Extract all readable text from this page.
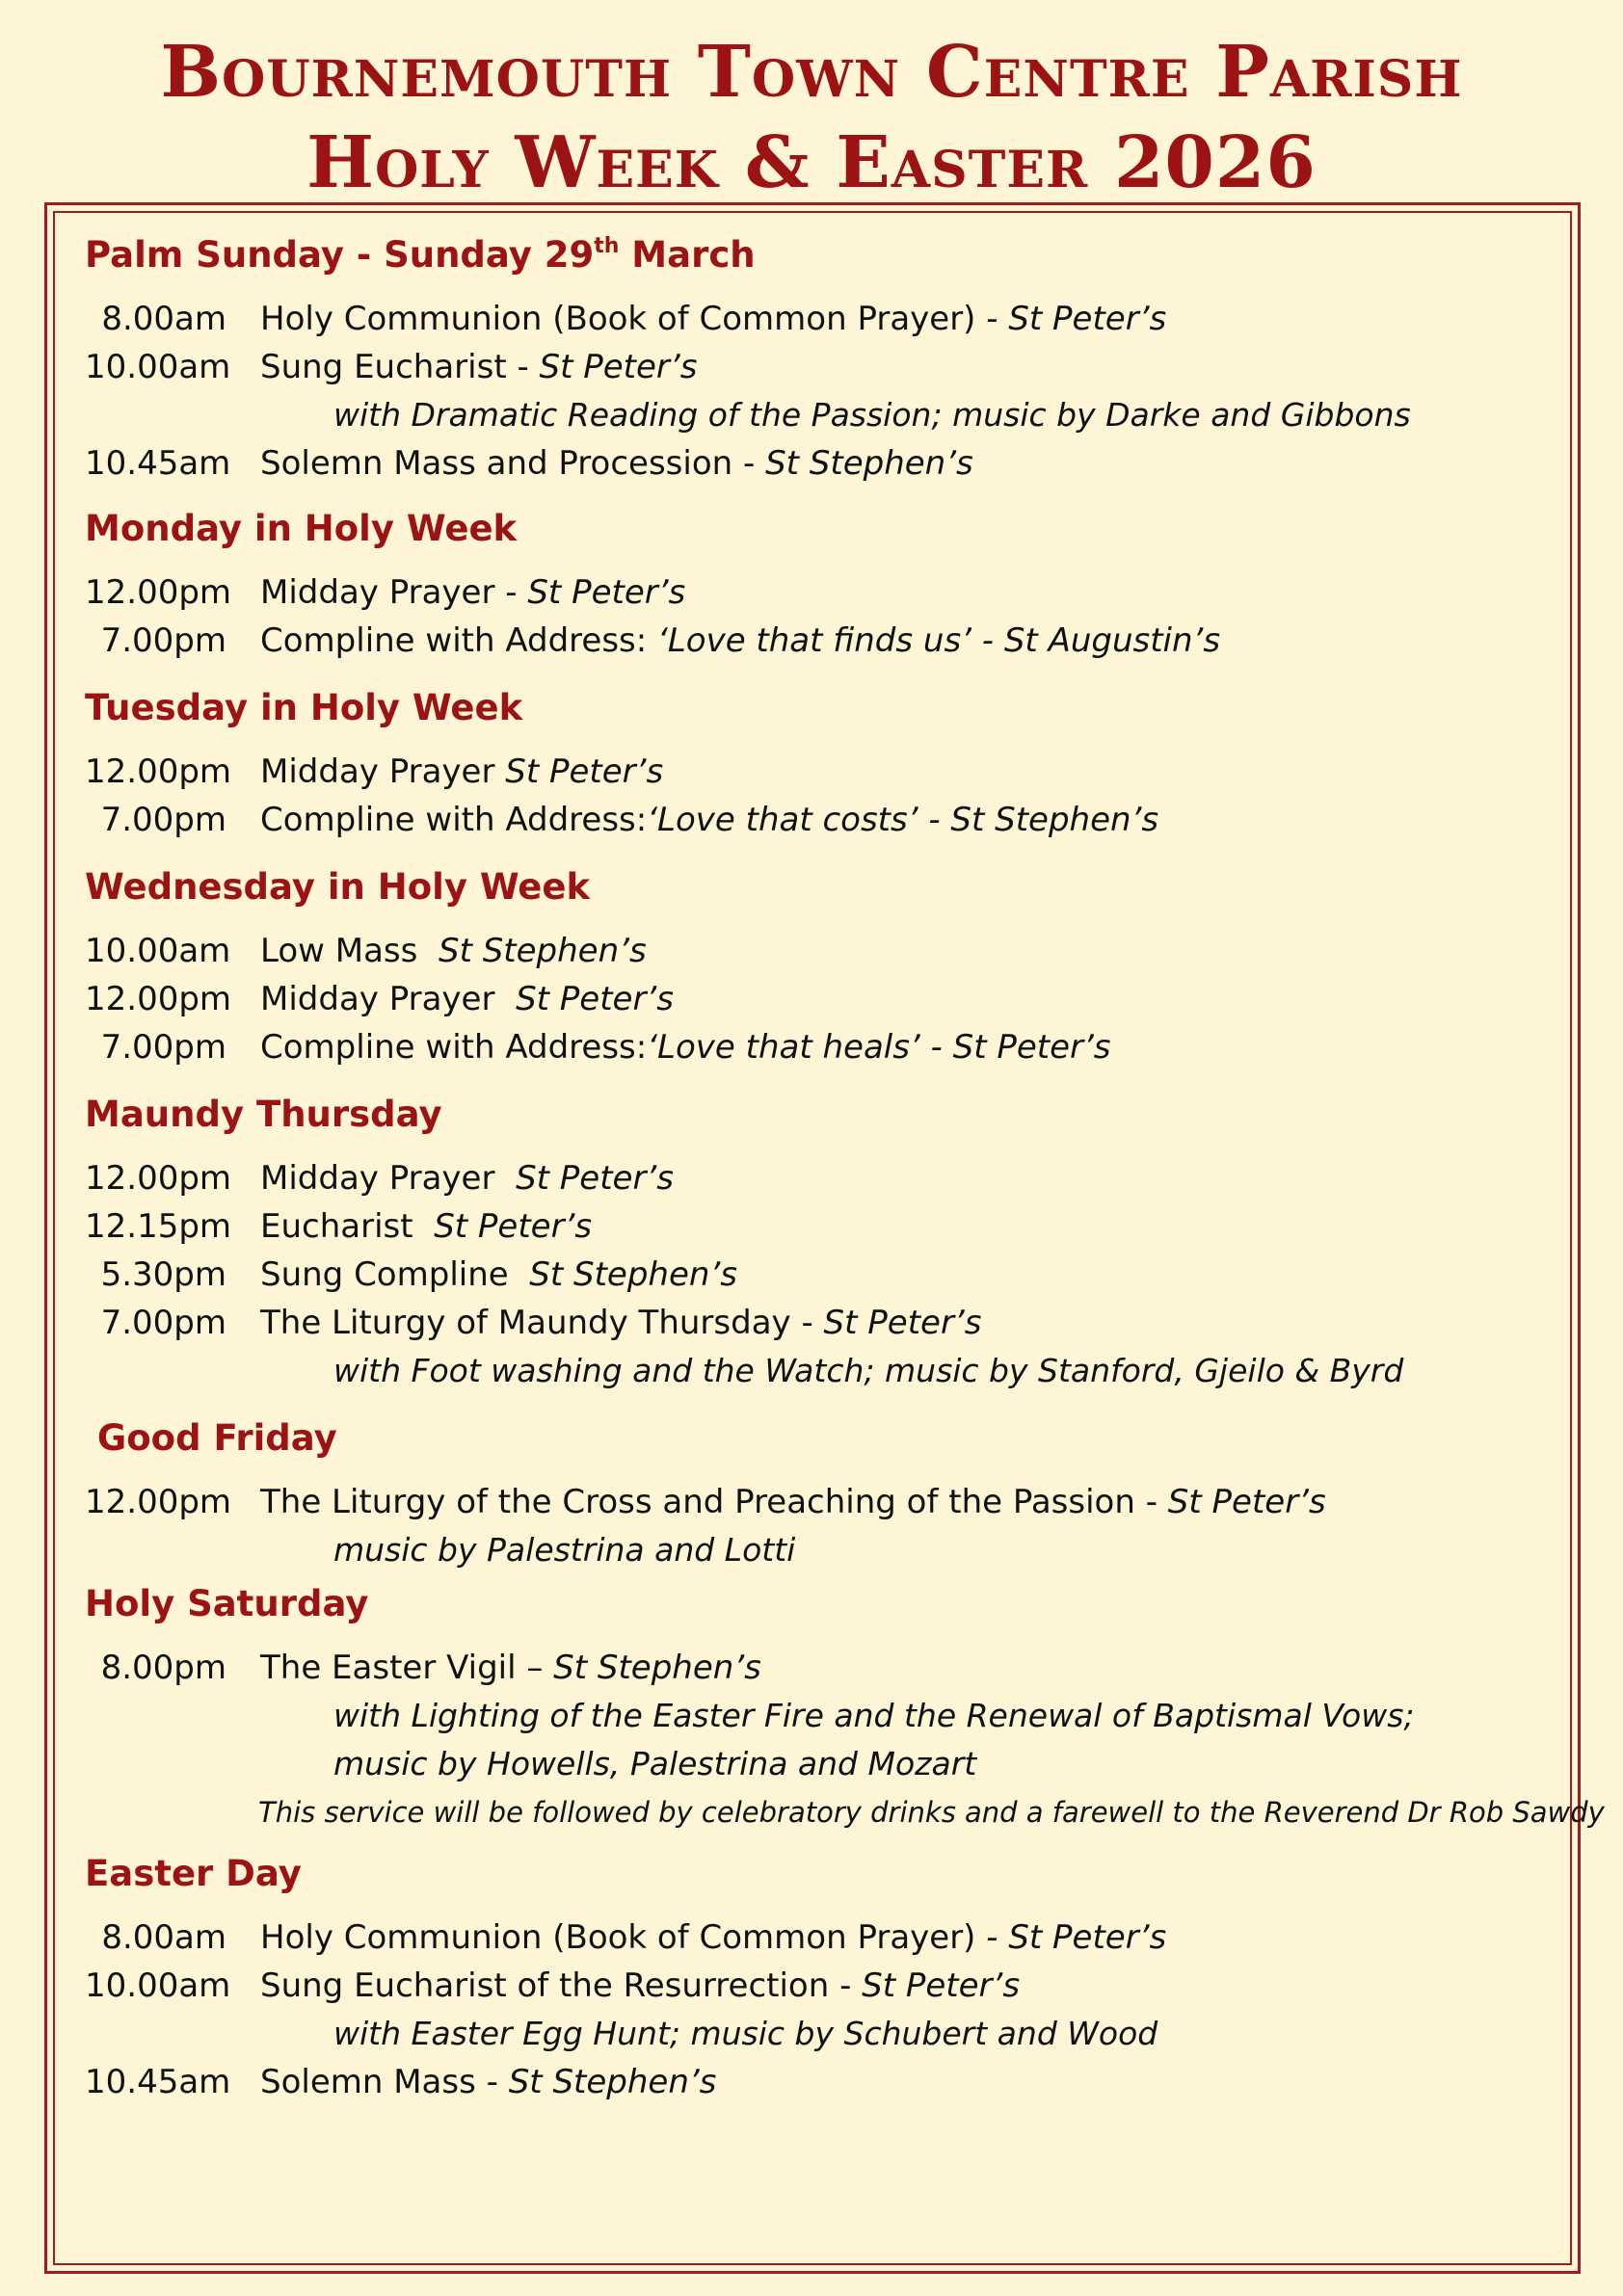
Bournemouth Town Centre Parish
Holy Week & Easter 2026
Palm Sunday - Sunday 29th March
8.00am Holy Communion (Book of Common Prayer) - St Peter’s
10.00am Sung Eucharist - St Peter’s
with Dramatic Reading of the Passion; music by Darke and Gibbons
10.45am Solemn Mass and Procession - St Stephen’s
Monday in Holy Week
12.00pm Midday Prayer - St Peter’s
7.00pm Compline with Address: ‘Love that finds us’ - St Augustin’s
Tuesday in Holy Week
12.00pm Midday Prayer St Peter’s
7.00pm Compline with Address:‘Love that costs’ - St Stephen’s
Wednesday in Holy Week
10.00am Low Mass  St Stephen’s
12.00pm Midday Prayer  St Peter’s
7.00pm Compline with Address:‘Love that heals’ - St Peter’s
Maundy Thursday
12.00pm Midday Prayer  St Peter’s
12.15pm Eucharist  St Peter’s
5.30pm Sung Compline  St Stephen’s
7.00pm The Liturgy of Maundy Thursday - St Peter’s
with Foot washing and the Watch; music by Stanford, Gjeilo & Byrd
Good Friday
12.00pm The Liturgy of the Cross and Preaching of the Passion - St Peter’s
music by Palestrina and Lotti
Holy Saturday
8.00pm The Easter Vigil – St Stephen’s
with Lighting of the Easter Fire and the Renewal of Baptismal Vows;
music by Howells, Palestrina and Mozart
This service will be followed by celebratory drinks and a farewell to the Reverend Dr Rob Sawdy
Easter Day
8.00am Holy Communion (Book of Common Prayer) - St Peter’s
10.00am Sung Eucharist of the Resurrection - St Peter’s
with Easter Egg Hunt; music by Schubert and Wood
10.45am Solemn Mass - St Stephen’s
